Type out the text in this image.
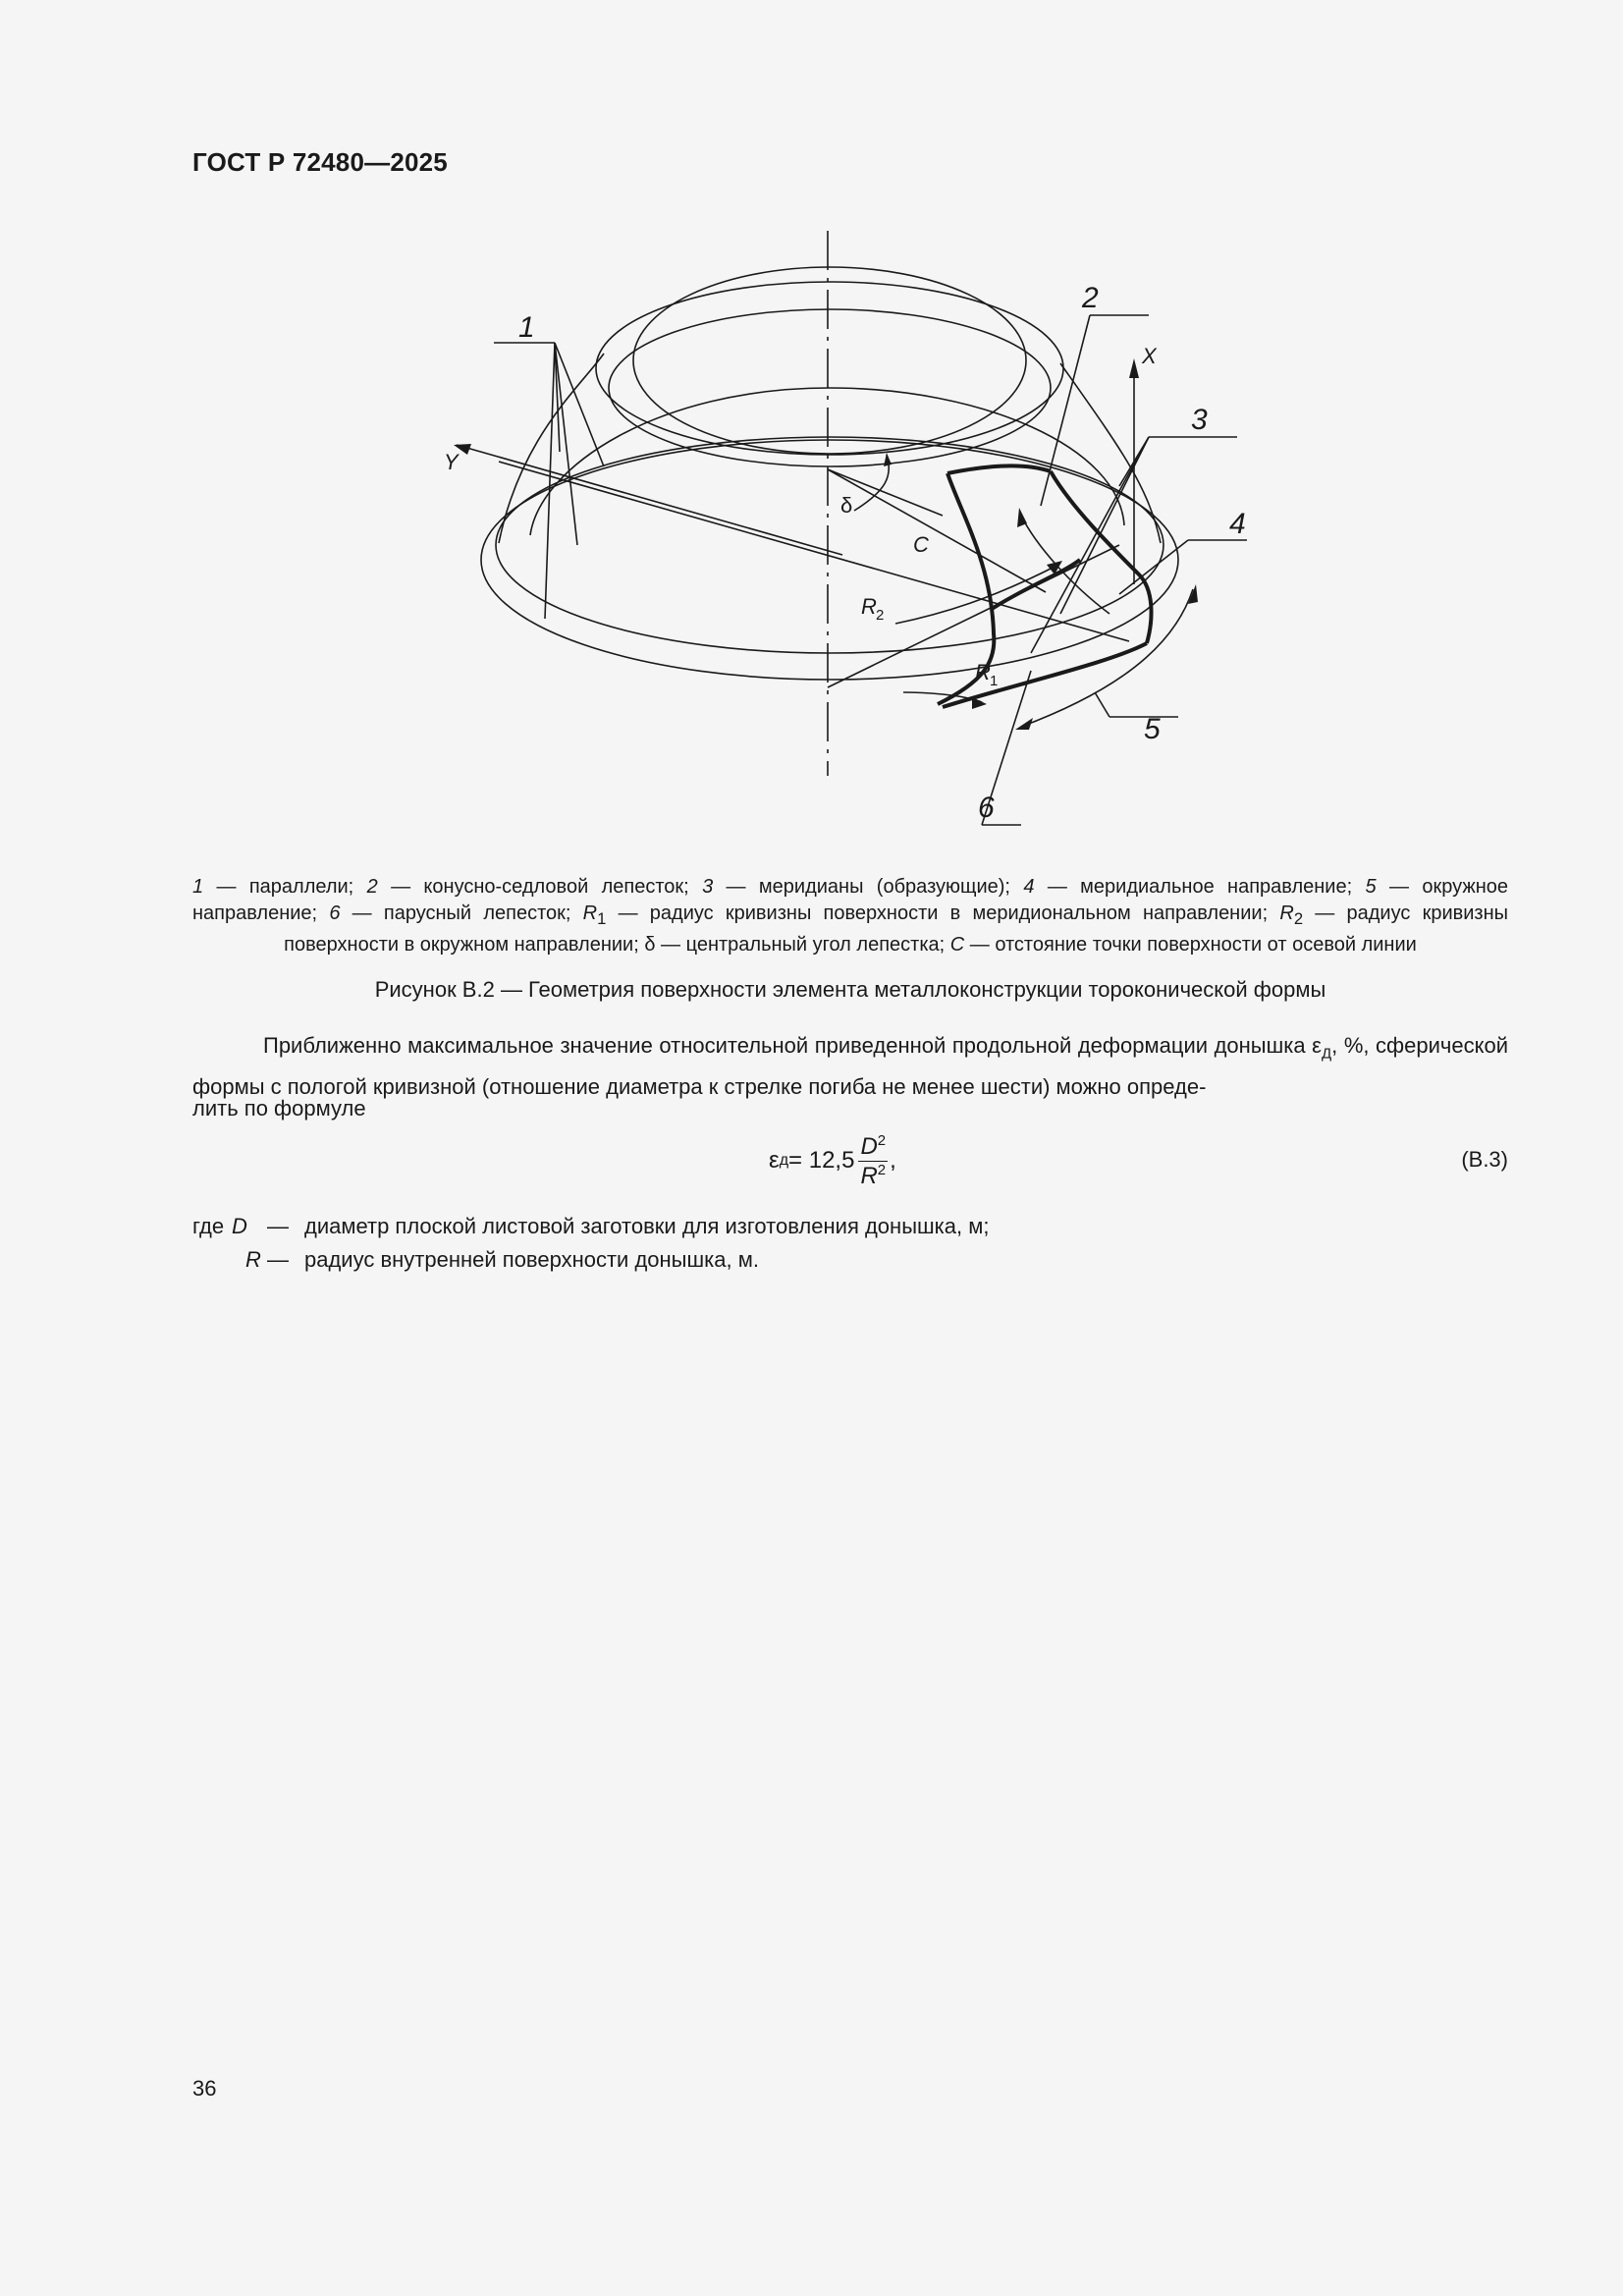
ГОСТ Р 72480—2025
1
2
3
4
5
6
X
Y
δ
C
R 2
R 1
1 — параллели; 2 — конусно-седловой лепесток; 3 — меридианы (образующие); 4 — меридиальное направление; 5 — окружное направление; 6 — парусный лепесток; $R_1$ — радиус кривизны поверхности в меридиональном направлении; $R_2$ — радиус кривизны поверхности в окружном направлении; δ — центральный угол лепестка; C — отстояние точки поверхности от осевой линии
Рисунок В.2 — Геометрия поверхности элемента металлоконструкции тороконической формы
Приближенно максимальное значение относительной приведенной продольной деформации донышка $\varepsilon_Д$, %, сферической формы с пологой кривизной (отношение диаметра к стрелке погиба не менее шести) можно опреде-
лить по формуле
ε $д = 12,5 \frac{D^2}{R^2}$ ,	(В.3)
где	D	—	диаметр плоской листовой заготовки для изготовления донышка, м;
	R	—	радиус внутренней поверхности донышка, м.
36
